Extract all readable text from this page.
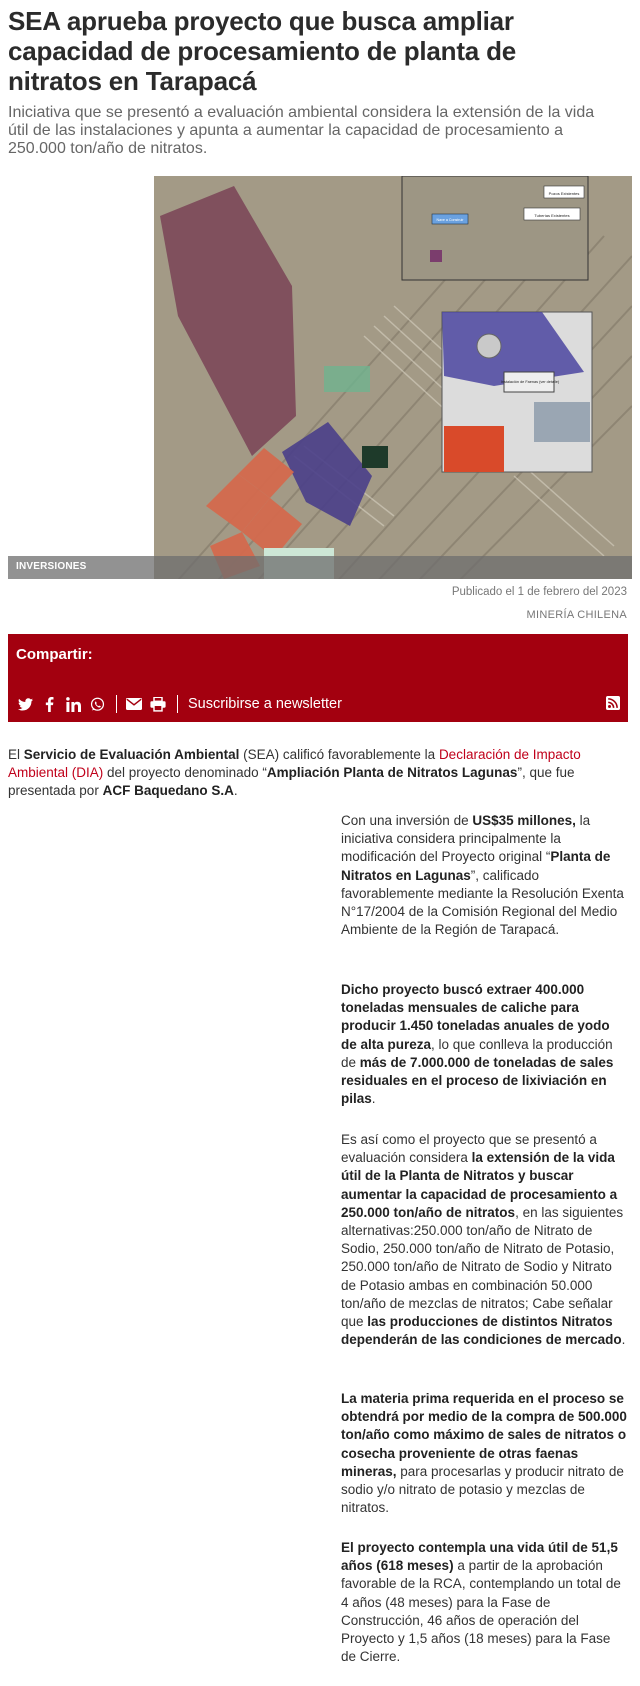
SEA aprueba proyecto que busca ampliar capacidad de procesamiento de planta de nitratos en Tarapacá

Iniciativa que se presentó a evaluación ambiental considera la extensión de la vida útil de las instalaciones y apunta a aumentar la capacidad de procesamiento a 250.000 ton/año de nitratos.

Pozos Existentes
Tuberías Existentes
Nave a Construir
Instalación de Faenas (ver detalle)
INVERSIONES
Publicado el 1 de febrero del 2023
MINERÍA CHILENA
Compartir:
Suscribirse a newsletter

El Servicio de Evaluación Ambiental (SEA) calificó favorablemente la Declaración de Impacto Ambiental (DIA) del proyecto denominado “Ampliación Planta de Nitratos Lagunas”, que fue presentada por ACF Baquedano S.A.

Con una inversión de US$35 millones, la iniciativa considera principalmente la modificación del Proyecto original “Planta de Nitratos en Lagunas”, calificado favorablemente mediante la Resolución Exenta N°17/2004 de la Comisión Regional del Medio Ambiente de la Región de Tarapacá.

Dicho proyecto buscó extraer 400.000 toneladas mensuales de caliche para producir 1.450 toneladas anuales de yodo de alta pureza, lo que conlleva la producción de más de 7.000.000 de toneladas de sales residuales en el proceso de lixiviación en pilas.

Es así como el proyecto que se presentó a evaluación considera la extensión de la vida útil de la Planta de Nitratos y buscar aumentar la capacidad de procesamiento a 250.000 ton/año de nitratos, en las siguientes alternativas:250.000 ton/año de Nitrato de Sodio, 250.000 ton/año de Nitrato de Potasio, 250.000 ton/año de Nitrato de Sodio y Nitrato de Potasio ambas en combinación 50.000 ton/año de mezclas de nitratos; Cabe señalar que las producciones de distintos Nitratos dependerán de las condiciones de mercado.

La materia prima requerida en el proceso se obtendrá por medio de la compra de 500.000 ton/año como máximo de sales de nitratos o cosecha proveniente de otras faenas mineras, para procesarlas y producir nitrato de sodio y/o nitrato de potasio y mezclas de nitratos.

El proyecto contempla una vida útil de 51,5 años (618 meses) a partir de la aprobación favorable de la RCA, contemplando un total de 4 años (48 meses) para la Fase de Construcción, 46 años de operación del Proyecto y 1,5 años (18 meses) para la Fase de Cierre.
